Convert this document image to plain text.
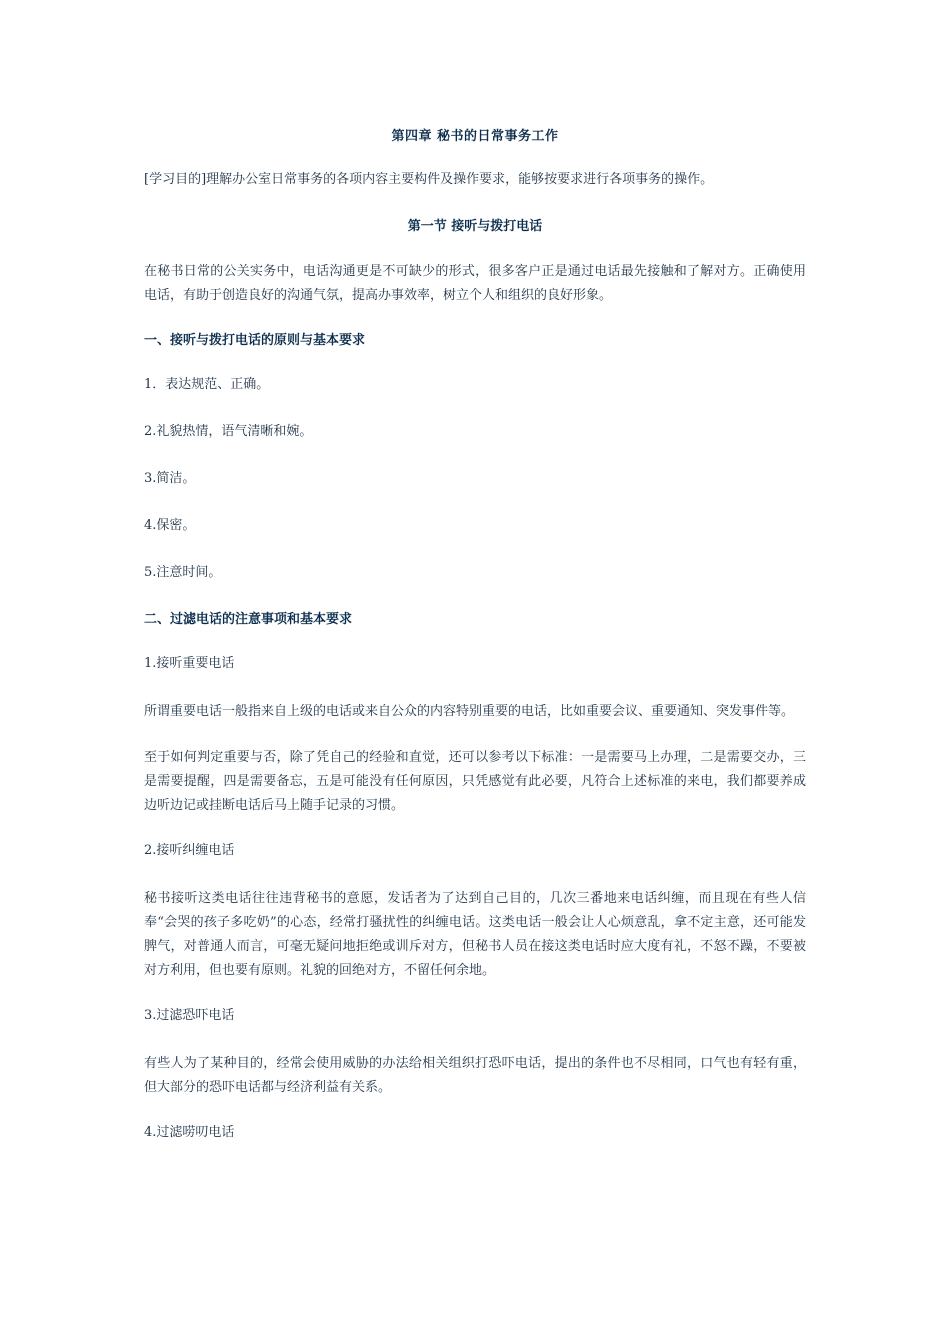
第四章 秘书的日常事务工作

[学习目的]理解办公室日常事务的各项内容主要构件及操作要求，能够按要求进行各项事务的操作。

第一节 接听与拨打电话

在秘书日常的公关实务中，电话沟通更是不可缺少的形式，很多客户正是通过电话最先接触和了解对方。正确使用电话，有助于创造良好的沟通气氛，提高办事效率，树立个人和组织的良好形象。

一、接听与拨打电话的原则与基本要求

1．表达规范、正确。

2.礼貌热情，语气清晰和婉。

3.简洁。

4.保密。

5.注意时间。

二、过滤电话的注意事项和基本要求

1.接听重要电话

所谓重要电话一般指来自上级的电话或来自公众的内容特别重要的电话，比如重要会议、重要通知、突发事件等。

至于如何判定重要与否，除了凭自己的经验和直觉，还可以参考以下标准：一是需要马上办理，二是需要交办，三是需要提醒，四是需要备忘，五是可能没有任何原因，只凭感觉有此必要，凡符合上述标准的来电，我们都要养成边听边记或挂断电话后马上随手记录的习惯。

2.接听纠缠电话

秘书接听这类电话往往违背秘书的意愿，发话者为了达到自己目的，几次三番地来电话纠缠，而且现在有些人信奉“会哭的孩子多吃奶”的心态，经常打骚扰性的纠缠电话。这类电话一般会让人心烦意乱，拿不定主意，还可能发脾气，对普通人而言，可毫无疑问地拒绝或训斥对方，但秘书人员在接这类电话时应大度有礼，不怒不躁，不要被对方利用，但也要有原则。礼貌的回绝对方，不留任何余地。

3.过滤恐吓电话

有些人为了某种目的，经常会使用威胁的办法给相关组织打恐吓电话，提出的条件也不尽相同，口气也有轻有重，但大部分的恐吓电话都与经济利益有关系。

4.过滤唠叨电话
